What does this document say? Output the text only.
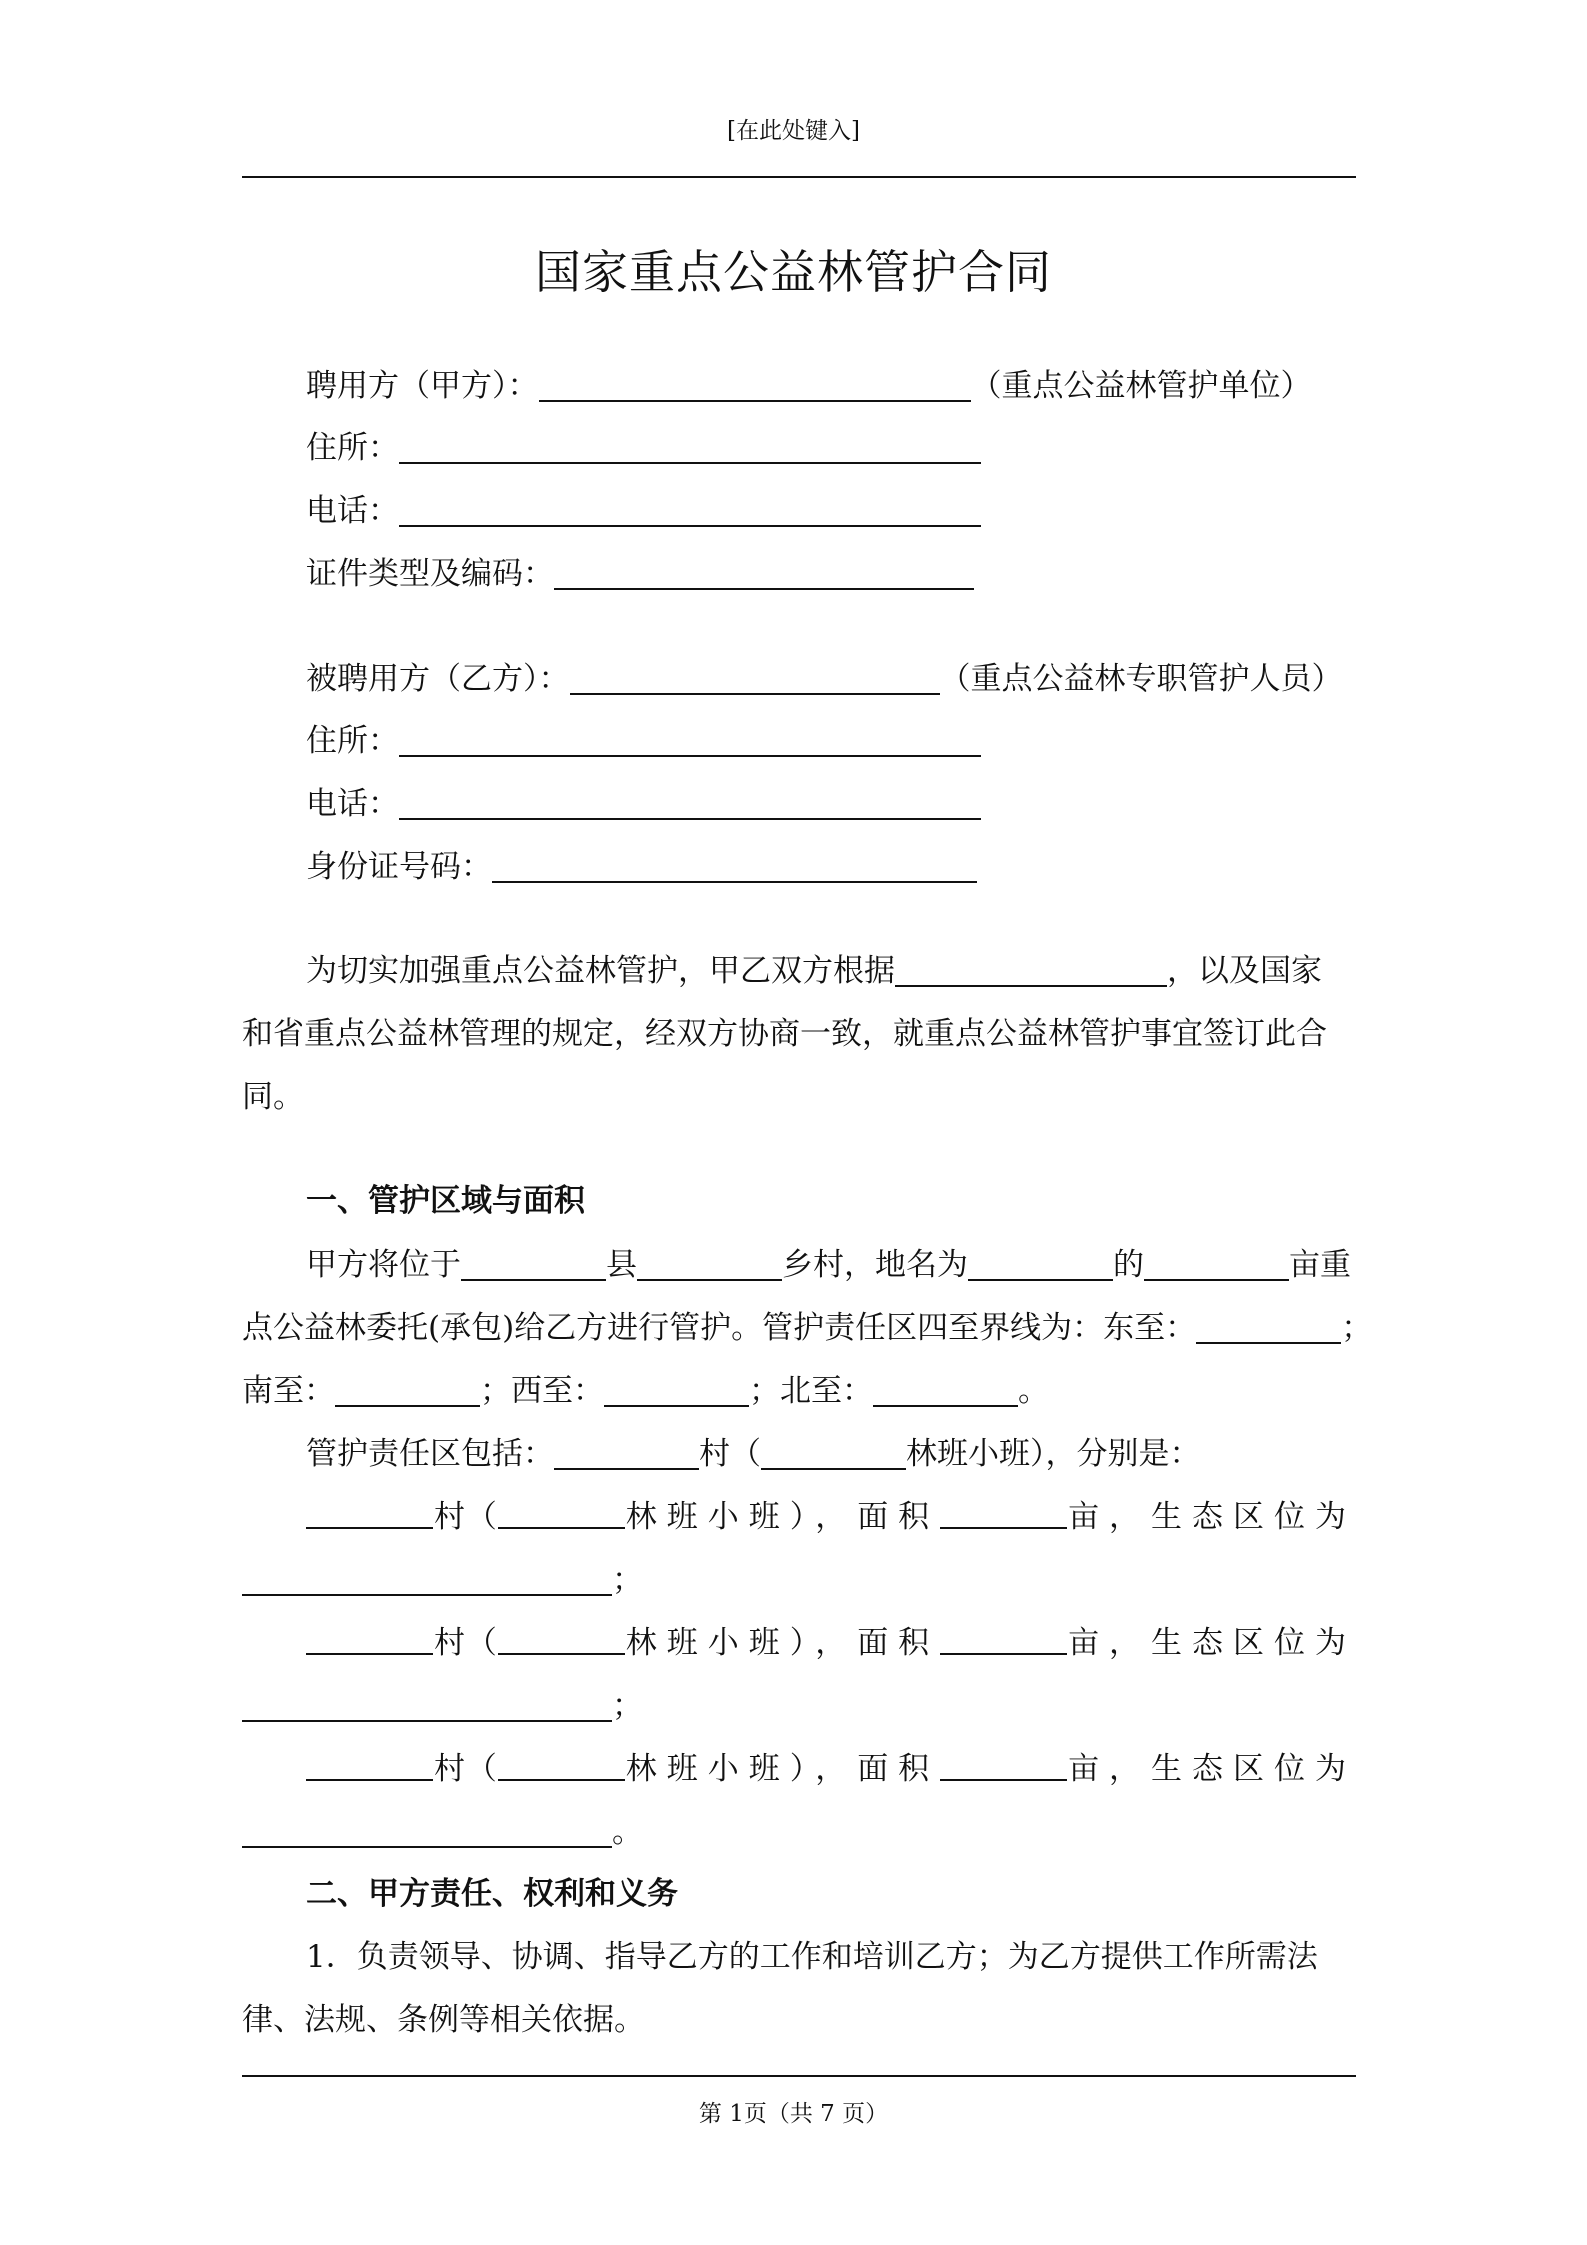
[在此处键入]
国家重点公益林管护合同
聘用方（甲方）：	（重点公益林管护单位）
住所：
电话：
证件类型及编码：
被聘用方（乙方）：	（重点公益林专职管护人员）
住所：
电话：
身份证号码：
为切实加强重点公益林管护，甲乙双方根据	，以及国家
和省重点公益林管理的规定，经双方协商一致，就重点公益林管护事宜签订此合
同。
一、管护区域与面积
甲方将位于	县	乡村，地名为	的	亩重
点公益林委托(承包)给乙方进行管护。管护责任区四至界线为：东至：	；
南至：	；西至：	；北至：	。
管护责任区包括：	村（	林班小班），分别是：
村 （	林班小班）， 面积	亩， 生态区位为
；
村 （	林班小班）， 面积	亩， 生态区位为
；
村 （	林班小班）， 面积	亩， 生态区位为
。
二、甲方责任、权利和义务
1．负责领导、协调、指导乙方的工作和培训乙方；为乙方提供工作所需法
律、法规、条例等相关依据。
第 1页（共 7 页）
